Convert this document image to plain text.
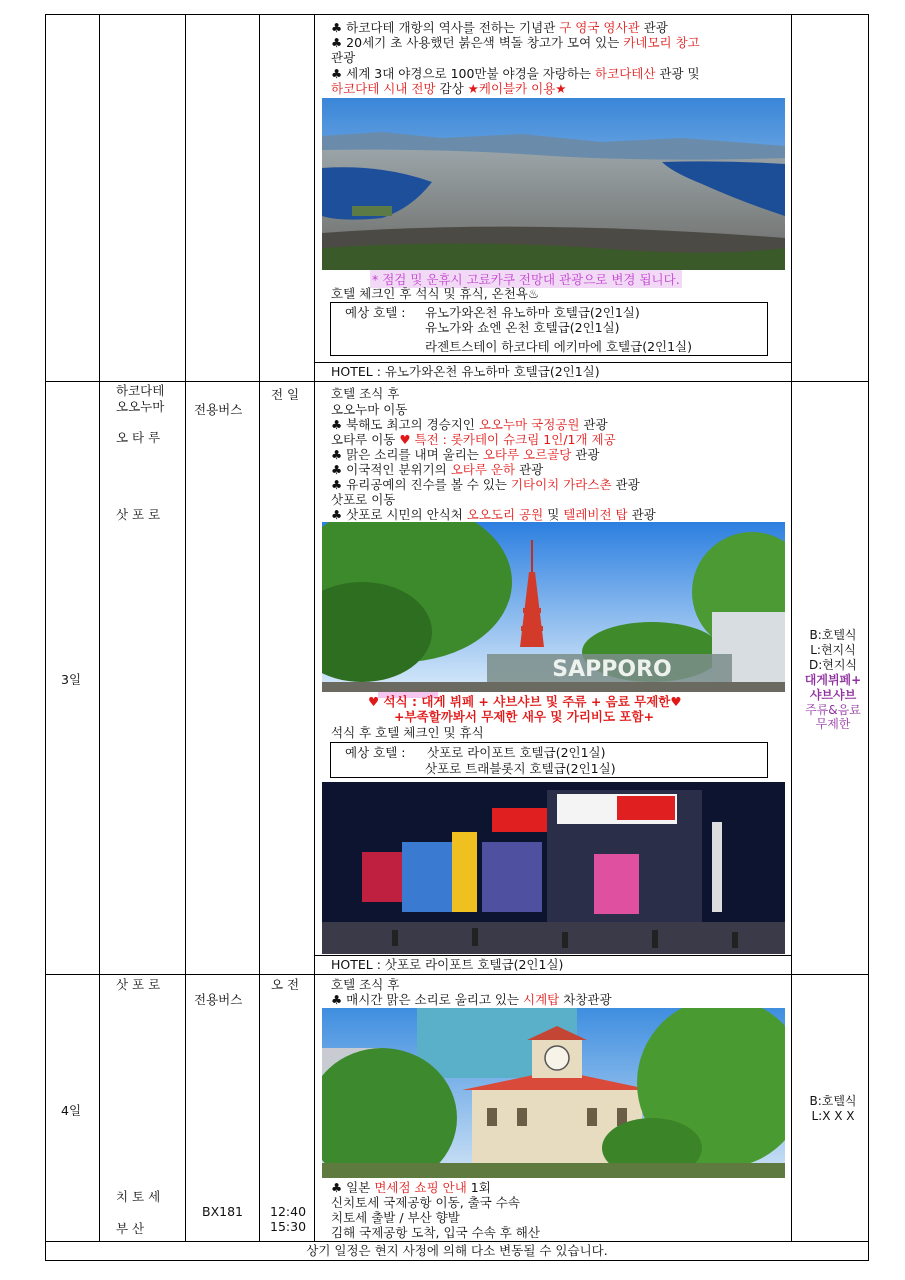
♣ 하코다테 개항의 역사를 전하는 기념관 구 영국 영사관 관광
♣ 20세기 초 사용했던 붉은색 벽돌 창고가 모여 있는 카네모리 창고
관광
♣ 세계 3대 야경으로 100만불 야경을 자랑하는 하코다테산 관광 및
하코다테 시내 전망 감상 ★케이블카 이용★
* 점검 및 운휴시 고료카쿠 전망대 관광으로 변경 됩니다.
호텔 체크인 후 석식 및 휴식, 온천욕♨
예상 호텔 : 유노가와온천 유노하마 호텔급(2인1실)
유노가와 쇼엔 온천 호텔급(2인1실)
라젠트스테이 하코다테 에키마에 호텔급(2인1실)
HOTEL : 유노가와온천 유노하마 호텔급(2인1실)
3일
하코다테
오오누마
오 타 루
삿 포 로
전용버스
전 일	호텔 조식 후
오오누마 이동
♣ 북해도 최고의 경승지인 오오누마 국정공원 관광
오타루 이동 ♥ 특전 : 롯카테이 슈크림 1인/1개 제공
♣ 맑은 소리를 내며 울리는 오타루 오르골당 관광
♣ 이국적인 분위기의 오타루 운하 관광
♣ 유리공예의 진수를 볼 수 있는 기타이치 가라스촌 관광
삿포로 이동
♣ 삿포로 시민의 안식처 오오도리 공원 및 텔레비전 탑 관광
SAPPORO
♥ 석식 : 대게 뷔페 + 샤브샤브 및 주류 + 음료 무제한♥
+부족할까봐서 무제한 새우 및 가리비도 포함+
석식 후 호텔 체크인 및 휴식
예상 호텔 : 삿포로 라이포트 호텔급(2인1실)
삿포로 트래블롯지 호텔급(2인1실)
HOTEL : 삿포로 라이포트 호텔급(2인1실)
B:호텔식
L:현지식
D:현지식
대게뷔페+
샤브샤브
주류&음료
무제한
4일
삿 포 로
치 토 세
부 산
전용버스
BX181
오 전
12:40
15:30
호텔 조식 후
♣ 매시간 맑은 소리로 울리고 있는 시계탑 차창관광
♣ 일본 면세점 쇼핑 안내 1회
신치토세 국제공항 이동, 출국 수속
치토세 출발 / 부산 향발
김해 국제공항 도착, 입국 수속 후 해산
B:호텔식
L:X X X
상기 일정은 현지 사정에 의해 다소 변동될 수 있습니다.
